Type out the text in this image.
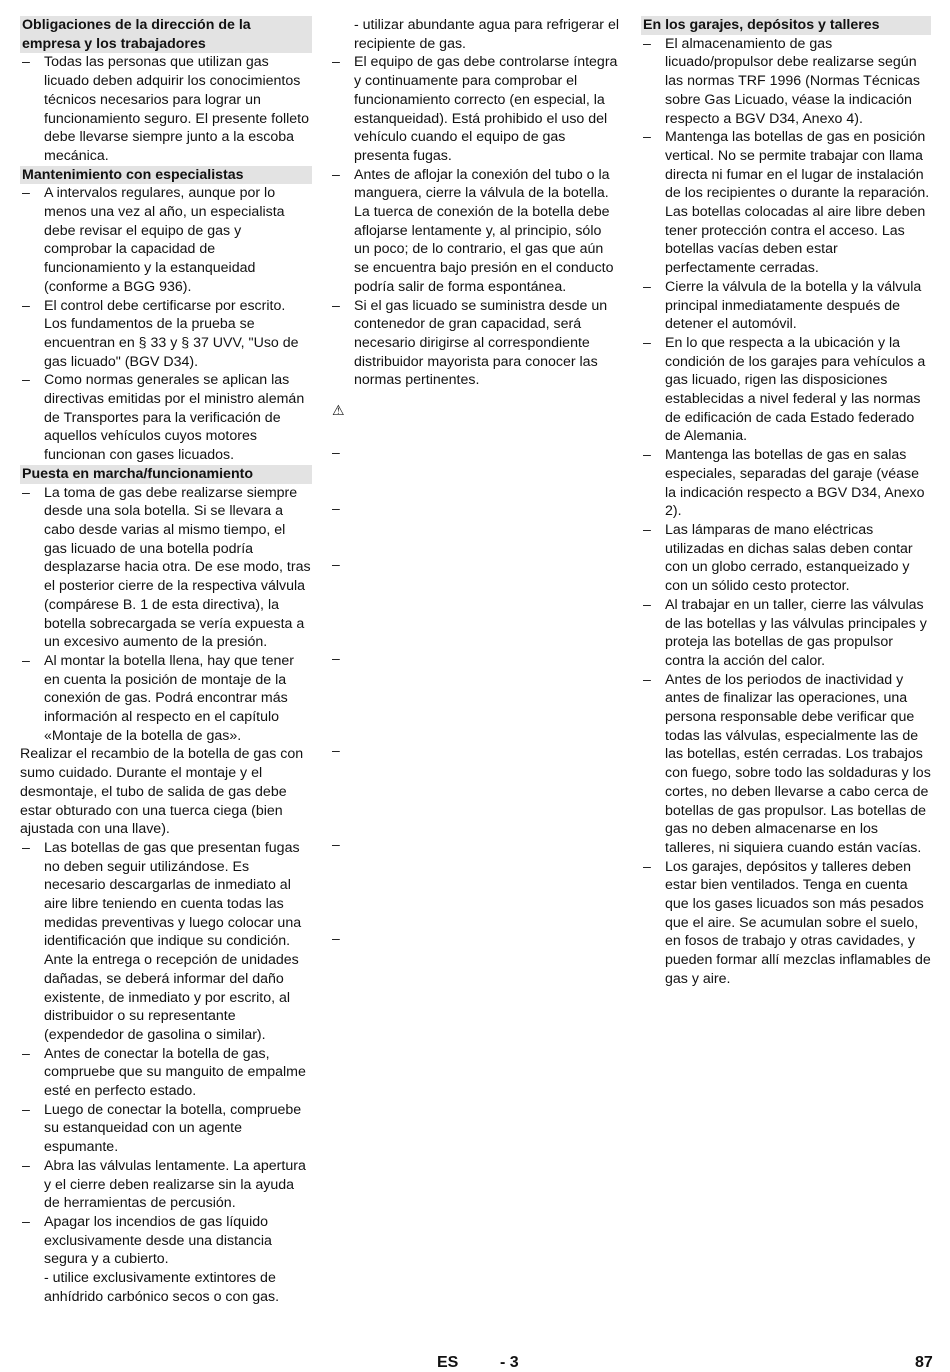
Obligaciones de la dirección de la empresa y los trabajadores
– Todas las personas que utilizan gas licuado deben adquirir los conocimientos técnicos necesarios para lograr un funcionamiento seguro. El presente folleto debe llevarse siempre junto a la escoba mecánica.
Mantenimiento con especialistas
– A intervalos regulares, aunque por lo menos una vez al año, un especialista debe revisar el equipo de gas y comprobar la capacidad de funcionamiento y la estanqueidad (conforme a BGG 936).
– El control debe certificarse por escrito. Los fundamentos de la prueba se encuentran en § 33 y § 37 UVV, "Uso de gas licuado" (BGV D34).
– Como normas generales se aplican las directivas emitidas por el ministro alemán de Transportes para la verificación de aquellos vehículos cuyos motores funcionan con gases licuados.
Puesta en marcha/funcionamiento
– La toma de gas debe realizarse siempre desde una sola botella. Si se llevara a cabo desde varias al mismo tiempo, el gas licuado de una botella podría desplazarse hacia otra. De ese modo, tras el posterior cierre de la respectiva válvula (compárese B. 1 de esta directiva), la botella sobrecargada se vería expuesta a un excesivo aumento de la presión.
– Al montar la botella llena, hay que tener en cuenta la posición de montaje de la conexión de gas. Podrá encontrar más información al respecto en el capítulo «Montaje de la botella de gas».

Realizar el recambio de la botella de gas con sumo cuidado. Durante el montaje y el desmontaje, el tubo de salida de gas debe estar obturado con una tuerca ciega (bien ajustada con una llave).

– Las botellas de gas que presentan fugas no deben seguir utilizándose. Es necesario descargarlas de inmediato al aire libre teniendo en cuenta todas las medidas preventivas y luego colocar una identificación que indique su condición. Ante la entrega o recepción de unidades dañadas, se deberá informar del daño existente, de inmediato y por escrito, al distribuidor o su representante (expendedor de gasolina o similar).
– Antes de conectar la botella de gas, compruebe que su manguito de empalme esté en perfecto estado.
– Luego de conectar la botella, compruebe su estanqueidad con un agente espumante.
– Abra las válvulas lentamente. La apertura y el cierre deben realizarse sin la ayuda de herramientas de percusión.
– Apagar los incendios de gas líquido exclusivamente desde una distancia segura y a cubierto.
- utilice exclusivamente extintores de anhídrido carbónico secos o con gas.
- utilizar abundante agua para refrigerar el recipiente de gas.
– El equipo de gas debe controlarse íntegra y continuamente para comprobar el funcionamiento correcto (en especial, la estanqueidad). Está prohibido el uso del vehículo cuando el equipo de gas presenta fugas.
– Antes de aflojar la conexión del tubo o la manguera, cierre la válvula de la botella. La tuerca de conexión de la botella debe aflojarse lentamente y, al principio, sólo un poco; de lo contrario, el gas que aún se encuentra bajo presión en el conducto podría salir de forma espontánea.
– Si el gas licuado se suministra desde un contenedor de gran capacidad, será necesario dirigirse al correspondiente distribuidor mayorista para conocer las normas pertinentes.
⚠
–
–
–
–
–
–
–
En los garajes, depósitos y talleres
– El almacenamiento de gas licuado/propulsor debe realizarse según las normas TRF 1996 (Normas Técnicas sobre Gas Licuado, véase la indicación respecto a BGV D34, Anexo 4).
– Mantenga las botellas de gas en posición vertical. No se permite trabajar con llama directa ni fumar en el lugar de instalación de los recipientes o durante la reparación. Las botellas colocadas al aire libre deben tener protección contra el acceso. Las botellas vacías deben estar perfectamente cerradas.
– Cierre la válvula de la botella y la válvula principal inmediatamente después de detener el automóvil.
– En lo que respecta a la ubicación y la condición de los garajes para vehículos a gas licuado, rigen las disposiciones establecidas a nivel federal y las normas de edificación de cada Estado federado de Alemania.
– Mantenga las botellas de gas en salas especiales, separadas del garaje (véase la indicación respecto a BGV D34, Anexo 2).
– Las lámparas de mano eléctricas utilizadas en dichas salas deben contar con un globo cerrado, estanqueizado y con un sólido cesto protector.
– Al trabajar en un taller, cierre las válvulas de las botellas y las válvulas principales y proteja las botellas de gas propulsor contra la acción del calor.
– Antes de los periodos de inactividad y antes de finalizar las operaciones, una persona responsable debe verificar que todas las válvulas, especialmente las de las botellas, estén cerradas. Los trabajos con fuego, sobre todo las soldaduras y los cortes, no deben llevarse a cabo cerca de botellas de gas propulsor. Las botellas de gas no deben almacenarse en los talleres, ni siquiera cuando están vacías.
– Los garajes, depósitos y talleres deben estar bien ventilados. Tenga en cuenta que los gases licuados son más pesados que el aire. Se acumulan sobre el suelo, en fosos de trabajo y otras cavidades, y pueden formar allí mezclas inflamables de gas y aire.
ES	- 3	87
